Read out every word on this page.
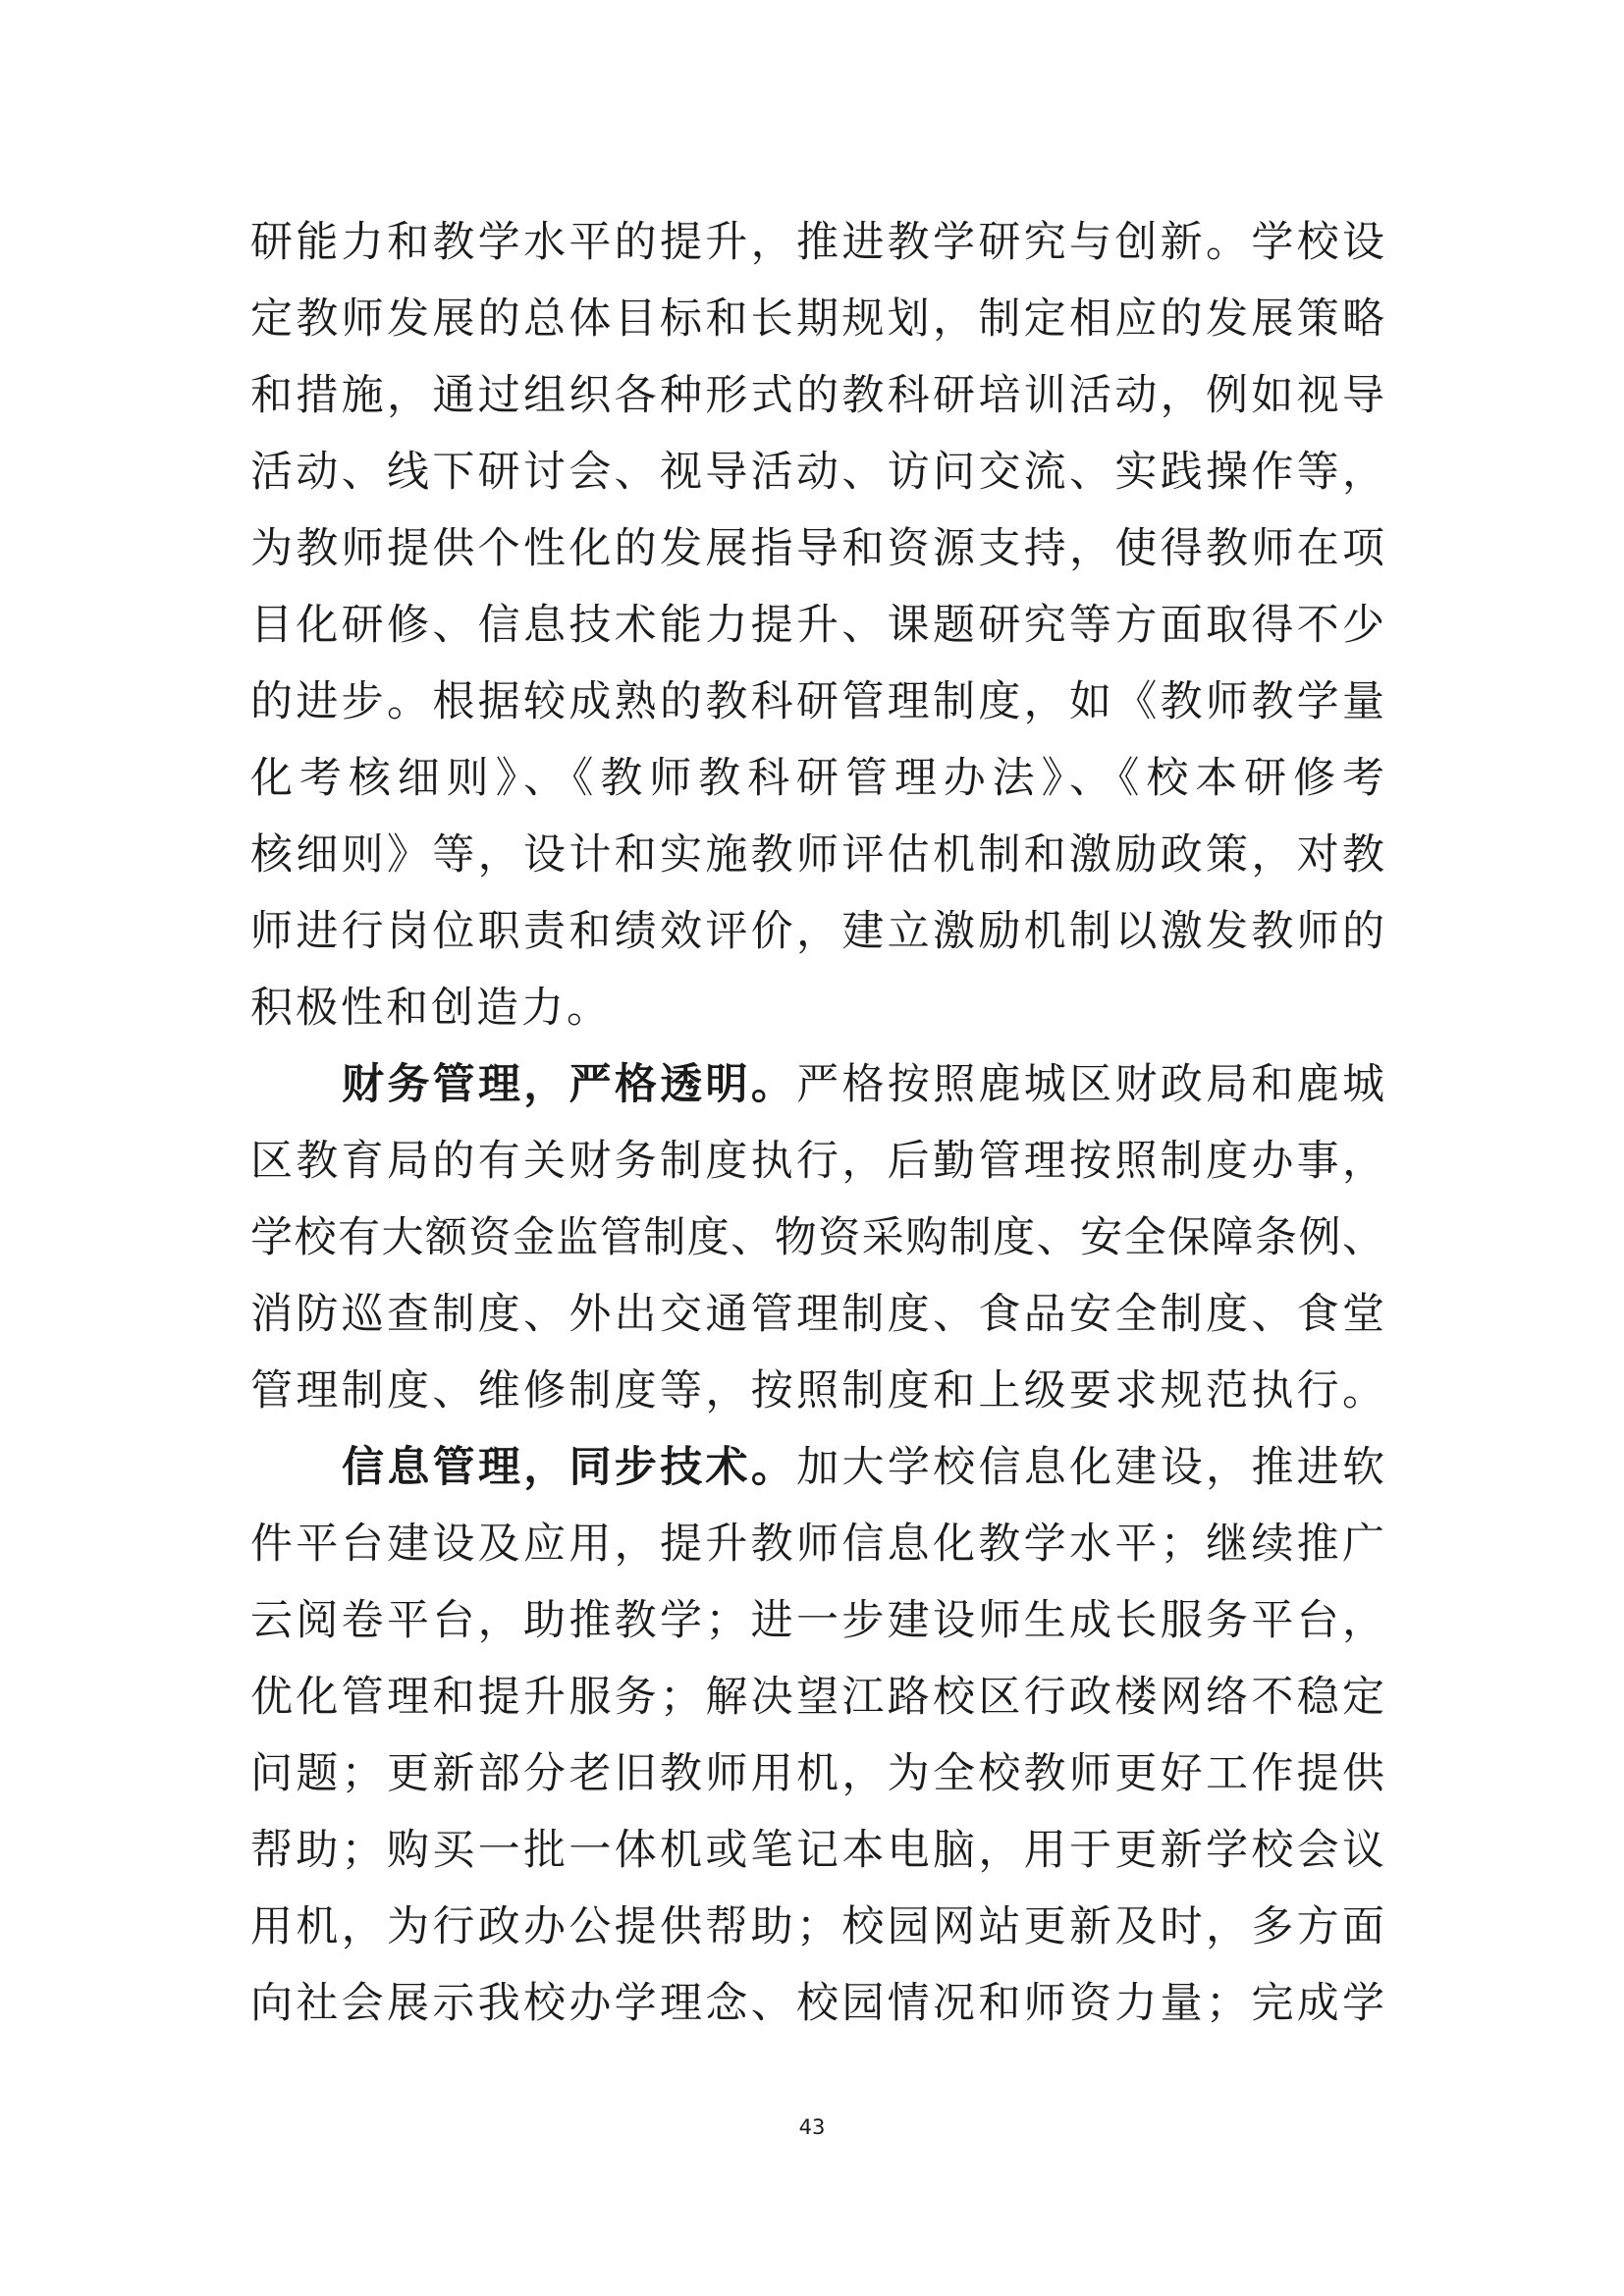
研能力和教学水平的提升，推进教学研究与创新。学校设
定教师发展的总体目标和长期规划，制定相应的发展策略
和措施，通过组织各种形式的教科研培训活动，例如视导
活动、线下研讨会、视导活动、访问交流、实践操作等，
为教师提供个性化的发展指导和资源支持，使得教师在项
目化研修、信息技术能力提升、课题研究等方面取得不少
的进步。根据较成熟的教科研管理制度，如《教师教学量
化考核细则》、《教师教科研管理办法》、《校本研修考
核细则》等，设计和实施教师评估机制和激励政策，对教
师进行岗位职责和绩效评价，建立激励机制以激发教师的
积极性和创造力。
财务管理，严格透明。严格按照鹿城区财政局和鹿城
区教育局的有关财务制度执行，后勤管理按照制度办事，
学校有大额资金监管制度、物资采购制度、安全保障条例、
消防巡查制度、外出交通管理制度、食品安全制度、食堂
管理制度、维修制度等，按照制度和上级要求规范执行。
信息管理，同步技术。加大学校信息化建设，推进软
件平台建设及应用，提升教师信息化教学水平；继续推广
云阅卷平台，助推教学；进一步建设师生成长服务平台，
优化管理和提升服务；解决望江路校区行政楼网络不稳定
问题；更新部分老旧教师用机，为全校教师更好工作提供
帮助；购买一批一体机或笔记本电脑，用于更新学校会议
用机，为行政办公提供帮助；校园网站更新及时，多方面
向社会展示我校办学理念、校园情况和师资力量；完成学
43
